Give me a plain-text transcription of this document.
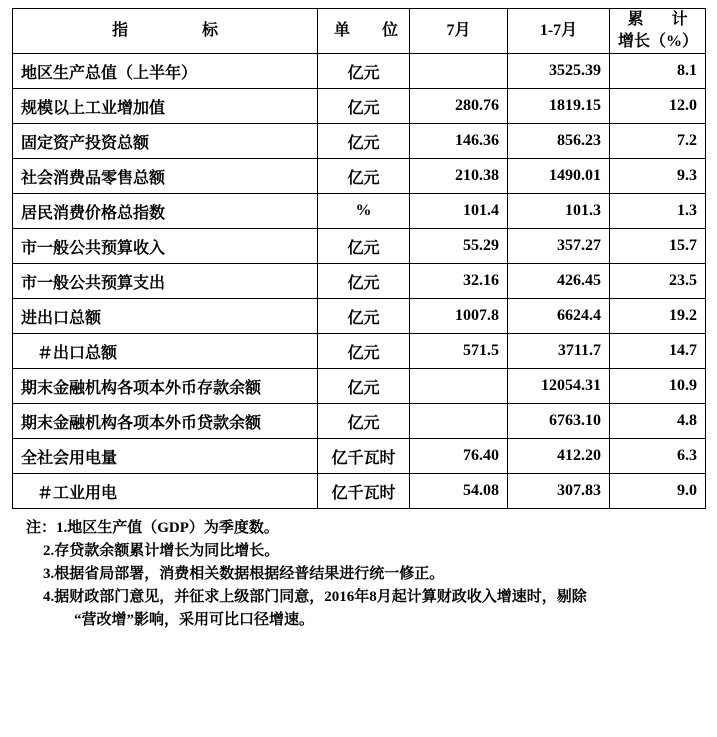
指　　标	单　位	7月	1-7月	累　计
增长（%）

地区生产总值（上半年）	亿元		3525.39	8.1
规模以上工业增加值	亿元	280.76	1819.15	12.0
固定资产投资总额	亿元	146.36	856.23	7.2
社会消费品零售总额	亿元	210.38	1490.01	9.3
居民消费价格总指数	%	101.4	101.3	1.3
市一般公共预算收入	亿元	55.29	357.27	15.7
市一般公共预算支出	亿元	32.16	426.45	23.5
进出口总额	亿元	1007.8	6624.4	19.2
＃出口总额	亿元	571.5	3711.7	14.7
期末金融机构各项本外币存款余额	亿元		12054.31	10.9
期末金融机构各项本外币贷款余额	亿元		6763.10	4.8
全社会用电量	亿千瓦时	76.40	412.20	6.3
＃工业用电	亿千瓦时	54.08	307.83	9.0
注：1.地区生产值（GDP）为季度数。
2.存贷款余额累计增长为同比增长。
3.根据省局部署，消费相关数据根据经普结果进行统一修正。
4.据财政部门意见，并征求上级部门同意，2016年8月起计算财政收入增速时，剔除
“营改增”影响，采用可比口径增速。
